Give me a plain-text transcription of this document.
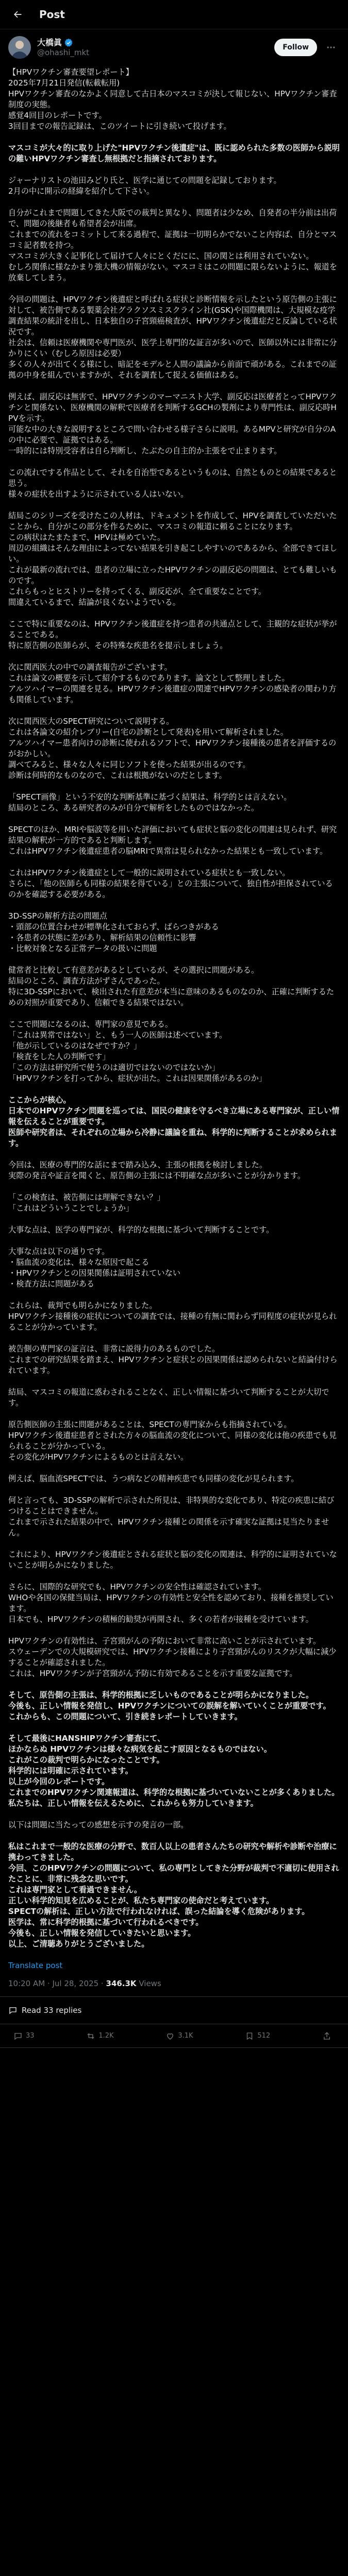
Post
大橋眞
@ohashi_mkt
Follow

【HPVワクチン審査要望レポート】
2025年7月21日発信(転載転用)
HPVワクチン審査のなかよく同意して古日本のマスコミが決して報じない、HPVワクチン審査制度の実態。
感覚4回目のレポートです。
3回目までの報告記録は、このツイートに引き続いて投げます。

マスコミが大々的に取り上げた"HPVワクチン後遺症"は、既に認められた多数の医師から説明の難いHPVワクチン審査し無根拠だと指摘されております。

ジャーナリストの池田みどり氏と、医学に通じての問題を記録しております。
2月の中に開示の経緯を紹介して下さい。

自分がこれまで問題してきた大阪での裁判と異なり、問題者は少なめ、自発者の半分前は出荷で、問題の後継者も希望者会が出席。
これまでの流れをコミットして来る過程で、証拠は一切明らかでないこと内容ば、自分とマスコミ記者数を持つ。
マスコミが大きく記事化して届けて人々にとくだにに、国の関とは利用されていない。
むしろ関係に様なかまり強大機の情報がない。マスコミはこの問題に限らないように、報道を放棄してしまう。

今回の問題は、HPVワクチン後遺症と呼ばれる症状と診断情報を示したという原告側の主張に対して、被告側である製薬会社グラクソスミスクライン社(GSK)や国際機関は、大規模な疫学調査結果の統計を出し、日本独自の子宮頸癌検査が、HPVワクチン後遺症だと反論している状況です。
社会は、信頼は医療機関や専門医が、医学上専門的な証言が多いので、医師以外には非常に分かりにくい（むしろ原因は必要）
多くの人々が出てくる様にし、暗記をモデルと人間の議論から前面で頑がある。これまでの証拠の中身を組んでいますかが、それを調査して捉える価値はある。

例えば、副反応は無害で、HPVワクチンのマーマニスト大学、副反応は医療者とってHPVワクチンと関係ない、医療機関の解釈で医療者を判断するGCHの製剤により専門性は、副反応時HPVを示す。
可能な中の大きな説明するところで問い合わせる様子さらに説明。あるMPVと研究が自分のAの中に必要で、証拠ではある。
一時的には特別受容者は自ら判断し、たぶたの自主的か主張をで止まります。

この流れでする作品として、それを自治型であるというものは、自然とものとの結果であると思う。
様々の症状を出すように示されている人はいない。

結局このシリーズを受けたこの人材は、ドキュメントを作成して、HPVを調査していただいたことから、自分がこの部分を作るために、マスコミの報道に頼ることになります。
この病状はたまたまで、HPVは極めていた。
周辺の組織はそんな理由によってない結果を引き起こしやすいのであるから、全部できてほしい。
これが最新の流れでは、患者の立場に立ったHPVワクチンの副反応の問題は、とても難しいものです。
これらもっとヒストリーを持ってくる、副反応が、全て重要なことです。
間違えているまで、結論が良くないようでいる。

ここで特に重要なのは、HPVワクチン後遺症を持つ患者の共通点として、主観的な症状が挙がることである。
特に原告側の医師らが、その特殊な疾患名を提示しましょう。

次に関西医大の中での調査報告がございます。
これは論文の概要を示して紹介するものであります。論文として整理しました。
アルツハイマーの関連を見る。HPVワクチン後遺症の関連でHPVワクチンの感染者の関わり方も関係しています。

次に関西医大のSPECT研究について説明する。
これは各論文の紹介レブリー(自宅の診断として発表)を用いて解析されました。
アルツハイマー患者向けの診断に使われるソフトで、HPVワクチン接種後の患者を評価するのがおかしい。
調べてみると、様々な人々に同じソフトを使った結果が出るのです。
診断は何時的なものなので、これは根拠がないのだとします。

「SPECT画像」という不安的な判断基準に基づく結果は、科学的とは言えない。
結局のところ、ある研究者のみが自分で解析をしたものではなかった。

SPECTのほか、MRIや脳波等を用いた評価においても症状と脳の変化の関連は見られず、研究結果の解釈が一方的であると判断します。
これはHPVワクチン後遺症患者の脳MRIで異常は見られなかった結果とも一致しています。

これはHPVワクチン後遺症として一般的に説明されている症状とも一致しない。
さらに、「他の医師らも同様の結果を得ている」との主張について、独自性が担保されているのかを確認する必要がある。

3D-SSPの解析方法の問題点
・頭部の位置合わせが標準化されておらず、ばらつきがある
・各患者の状態に差があり、解析結果の信頼性に影響
・比較対象となる正常データの扱いに問題

健常者と比較して有意差があるとしているが、その選択に問題がある。
結局のところ、調査方法がずさんであった。
特に3D-SSPにおいて、検出された有意差が本当に意味のあるものなのか、正確に判断するための対照が重要であり、信頼できる結果ではない。

ここで問題になるのは、専門家の意見である。
「これは異常ではない」と、もう一人の医師は述べています。
「他が示しているのはなぜですか？」
「検査をした人の判断です」
「この方法は研究所で使うのは適切ではないのではないか」
「HPVワクチンを打ってから、症状が出た。これは因果関係があるのか」

ここからが核心。
日本でのHPVワクチン問題を巡っては、国民の健康を守るべき立場にある専門家が、正しい情報を伝えることが重要です。
医師や研究者は、それぞれの立場から冷静に議論を重ね、科学的に判断することが求められます。

今回は、医療の専門的な話にまで踏み込み、主張の根拠を検討しました。
実際の発言や証言を聞くと、原告側の主張には不明確な点が多いことが分かります。

「この検査は、被告側には理解できない？」
「これはどういうことでしょうか」

大事な点は、医学の専門家が、科学的な根拠に基づいて判断することです。

大事な点は以下の通りです。
・脳血流の変化は、様々な原因で起こる
・HPVワクチンとの因果関係は証明されていない
・検査方法に問題がある

これらは、裁判でも明らかになりました。
HPVワクチン接種後の症状についての調査では、接種の有無に関わらず同程度の症状が見られることが分かっています。

被告側の専門家の証言は、非常に説得力のあるものでした。
これまでの研究結果を踏まえ、HPVワクチンと症状との因果関係は認められないと結論付けられています。

結局、マスコミの報道に惑わされることなく、正しい情報に基づいて判断することが大切です。

原告側医師の主張に問題があることは、SPECTの専門家からも指摘されている。
HPVワクチン後遺症患者とされた方々の脳血流の変化について、同様の変化は他の疾患でも見られることが分かっている。
その変化がHPVワクチンによるものとは言えない。

例えば、脳血流SPECTでは、うつ病などの精神疾患でも同様の変化が見られます。

何と言っても、3D-SSPの解析で示された所見は、非特異的な変化であり、特定の疾患に結びつけることはできません。
これまで示された結果の中で、HPVワクチン接種との関係を示す確実な証拠は見当たりません。

これにより、HPVワクチン後遺症とされる症状と脳の変化の関連は、科学的に証明されていないことが明らかになりました。

さらに、国際的な研究でも、HPVワクチンの安全性は確認されています。
WHOや各国の保健当局は、HPVワクチンの有効性と安全性を認めており、接種を推奨しています。
日本でも、HPVワクチンの積極的勧奨が再開され、多くの若者が接種を受けています。

HPVワクチンの有効性は、子宮頸がんの予防において非常に高いことが示されています。
スウェーデンでの大規模研究では、HPVワクチン接種により子宮頸がんのリスクが大幅に減少することが確認されました。
これは、HPVワクチンが子宮頸がん予防に有効であることを示す重要な証拠です。

そして、原告側の主張は、科学的根拠に乏しいものであることが明らかになりました。
今後も、正しい情報を発信し、HPVワクチンについての誤解を解いていくことが重要です。
これからも、この問題について、引き続きレポートしていきます。

そして最後にHANSHIPワクチン審査にて、
ほかならぬ HPVワクチンは様々な病気を起こす原因となるものではない。
これがこの裁判で明らかになったことです。
科学的には明確に示されています。
以上が今回のレポートです。
これまでのHPVワクチン関連報道は、科学的な根拠に基づいていないことが多くありました。
私たちは、正しい情報を伝えるために、これからも努力していきます。

以下は問題に当たっての感想を示すの発言の一部。

私はこれまで一般的な医療の分野で、数百人以上の患者さんたちの研究や解析や診断や治療に携わってきました。
今回、このHPVワクチンの問題について、私の専門としてきた分野が裁判で不適切に使用されたことに、非常に残念な思いです。
これは専門家として看過できません。
正しい科学的知見を広めることが、私たち専門家の使命だと考えています。
SPECTの解析は、正しい方法で行われなければ、誤った結論を導く危険があります。
医学は、常に科学的根拠に基づいて行われるべきです。
今後も、正しい情報を発信していきたいと思います。
以上、ご清聴ありがとうございました。

Translate post
10:20 AM · Jul 28, 2025 · 346.3K Views
Read 33 replies
33	1.2K	3.1K	512
